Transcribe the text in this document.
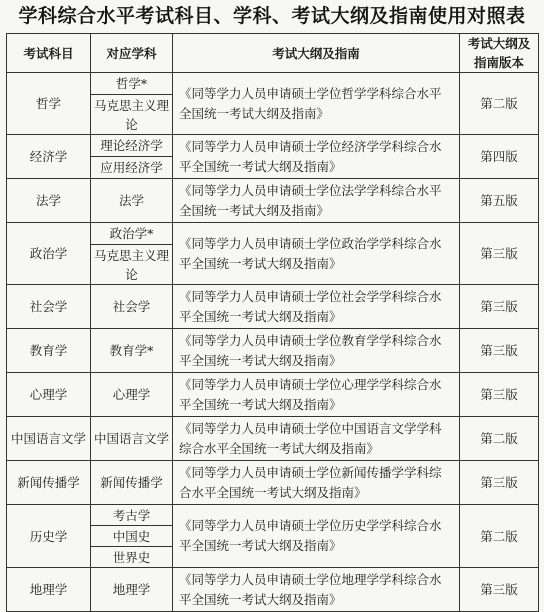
学科综合水平考试科目、学科、考试大纲及指南使用对照表
考试科目	对应学科	考试大纲及指南	考试大纲及
指南版本
哲学	哲学*	《同等学力人员申请硕士学位哲学学科综合水平全国统一考试大纲及指南》	第二版
	马克思主义理论		
经济学	理论经济学	《同等学力人员申请硕士学位经济学学科综合水平全国统一考试大纲及指南》	第四版
	应用经济学		
法学	法学	《同等学力人员申请硕士学位法学学科综合水平全国统一考试大纲及指南》	第五版
政治学	政治学*	《同等学力人员申请硕士学位政治学学科综合水平全国统一考试大纲及指南》	第三版
	马克思主义理论		
社会学	社会学	《同等学力人员申请硕士学位社会学学科综合水平全国统一考试大纲及指南》	第三版
教育学	教育学*	《同等学力人员申请硕士学位教育学学科综合水平全国统一考试大纲及指南》	第三版
心理学	心理学	《同等学力人员申请硕士学位心理学学科综合水平全国统一考试大纲及指南》	第三版
中国语言文学	中国语言文学	《同等学力人员申请硕士学位中国语言文学学科综合水平全国统一考试大纲及指南》	第二版
新闻传播学	新闻传播学	《同等学力人员申请硕士学位新闻传播学学科综合水平全国统一考试大纲及指南》	第三版
历史学	考古学	《同等学力人员申请硕士学位历史学学科综合水平全国统一考试大纲及指南》	第二版
	中国史		
	世界史		
地理学	地理学	《同等学力人员申请硕士学位地理学学科综合水平全国统一考试大纲及指南》	第三版
